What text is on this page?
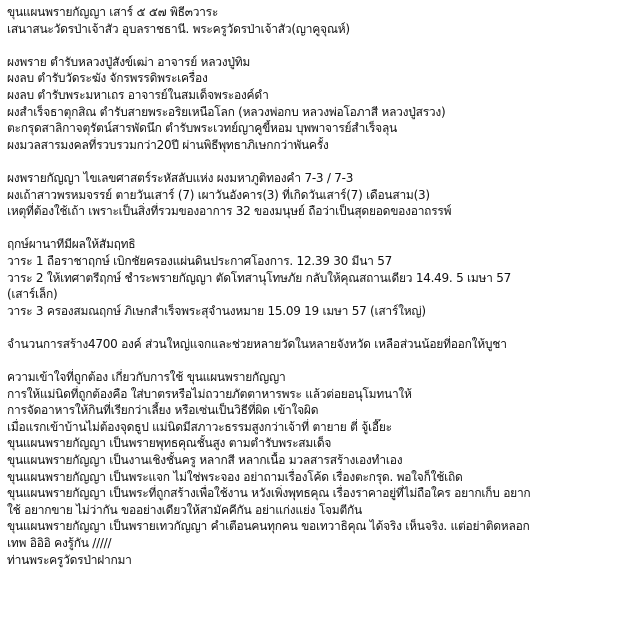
ขุนแผนพรายกัญญา เสาร์ ๕ ๕๗ พิธี๓วาระ
เสนาสนะวัดรป่าเจ้าสัว อุบลราชธานี. พระครูวัดรป่าเจ้าสัว(ญาคูจุณห์)
ผงพราย ตำรับหลวงปู่สังข์เฒ่า อาจารย์ หลวงปู่ทิม
ผงลบ ตำรับวัดระฆัง จักรพรรดิพระเครื่อง
ผงลบ ตำรับพระมหาเถร อาจารย์ในสมเด็จพระองค์ดำ
ผงสำเร็จธาตุกสิณ ตำรับสายพระอริยเหนือโลก (หลวงพ่อกบ หลวงพ่อโอภาสี หลวงปู่สรวง)
ตะกรุดสาลิกาจตุรัตน์สารพัดนึก ตำรับพระเวทย์ญาคูขี้หอม บุพพาจารย์สำเร็จลุน
ผงมวลสารมงคลที่รวบรวมกว่า20ปี ผ่านพิธีพุทธาภิเษกกว่าพันครั้ง
ผงพรายกัญญา ไขเลขศาสตร์ระหัสลับแห่ง ผงมหาภูติทองคำ 7-3 / 7-3
ผงเถ้าสาวพรหมจรรย์ ตายวันเสาร์ (7) เผาวันอังคาร(3) ที่เกิดวันเสาร์(7) เดือนสาม(3)
เหตุที่ต้องใช้เถ้า เพราะเป็นสิ่งที่รวมของอาการ 32 ของมนุษย์ ถือว่าเป็นสุดยอดของอาถรรพ์
ฤกษ์ผานาทีมีผลให้สัมฤทธิ
วาระ 1 ถือราชาฤกษ์ เบิกชัยครองแผ่นดินประกาศโองการ. 12.39 30 มีนา 57
วาระ 2 ให้เทศาตรีฤกษ์ ชำระพรายกัญญา ตัดโทสานุโทษภัย กลับให้คุณสถานเดียว 14.49. 5 เมษา 57
(เสาร์เล็ก)
วาระ 3 ครองสมณฤกษ์ ภิเษกสำเร็จพระสุจำนงหมาย 15.09 19 เมษา 57 (เสาร์ใหญ่)
จำนวนการสร้าง4700 องค์ ส่วนใหญ่แจกและช่วยหลายวัดในหลายจังหวัด เหลือส่วนน้อยที่ออกให้บูชา
ความเข้าใจที่ถูกต้อง เกี่ยวกับการใช้ ขุนแผนพรายกัญญา
การให้แม่นิดที่ถูกต้องคือ ใส่บาตรหรือไม่ถวายภัตตาหารพระ แล้วต่อยอนุโมทนาให้
การจัดอาหารให้กินที่เรียกว่าเลี้ยง หรือเซ่นเป็นวิธีที่ผิด เข้าใจผิด
เมื่อแรกเข้าบ้านไม่ต้องจุดธูป แม่นิดมีสภาวะธรรมสูงกว่าเจ้าที่ ตายาย ตี่ จู้เอี๊ยะ
ขุนแผนพรายกัญญา เป็นพรายพุทธคุณชั้นสูง ตามตำรับพระสมเด็จ
ขุนแผนพรายกัญญา เป็นงานเชิงชั้นครู หลากสี หลากเนื้อ มวลสารสร้างเองทำเอง
ขุนแผนพรายกัญญา เป็นพระแจก ไม่ใช่พระจอง อย่าถามเรื่องโค้ด เรื่องตะกรุด. พอใจก็ใช้เถิด
ขุนแผนพรายกัญญา เป็นพระที่ถูกสร้างเพื่อใช้งาน หวังเพิ่งพุทธคุณ เรื่องราคาอยู่ที่ไม่ถือใคร อยากเก็บ อยาก
ใช้ อยากขาย ไม่ว่ากัน ขออย่างเดียวให้สามัคคีกัน อย่าแก่งแย่ง โจมตีกัน
ขุนแผนพรายกัญญา เป็นพรายเทวกัญญา คำเตือนคนทุกคน ขอเทวาธิคุณ ได้จริง เห็นจริง. แต่อย่าติดหลอก
เทพ อิอิอิ คงรู้กัน /////
ท่านพระครูวัดรป่าฝากมา
